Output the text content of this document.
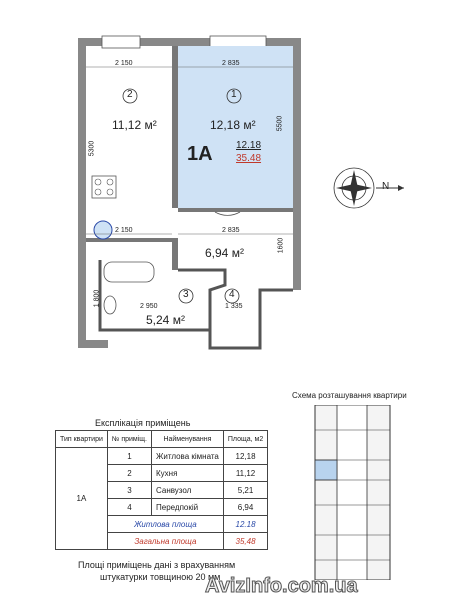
2	1
3	4
11,12 м²	12,18 м²
5,24 м²
6,94 м²
1A 12.18
35.48
2 150	2 835
2 150	2 835
2 950	1 335
5300
5500
1600
1 800
N
Схема розташування квартири
Експлікація приміщень
Тип квартири	№ приміщ.	Найменування	Площа, м2
1А	1	Житлова кімната	12,18
	2	Кухня	11,12
	3	Санвузол	5,21
	4	Передпокій	6,94
	Житлова площа		12.18
	Загальна площа		35,48
Площі приміщень дані з врахуванням
штукатурки товщиною 20 мм
AvizInfo.com.ua
